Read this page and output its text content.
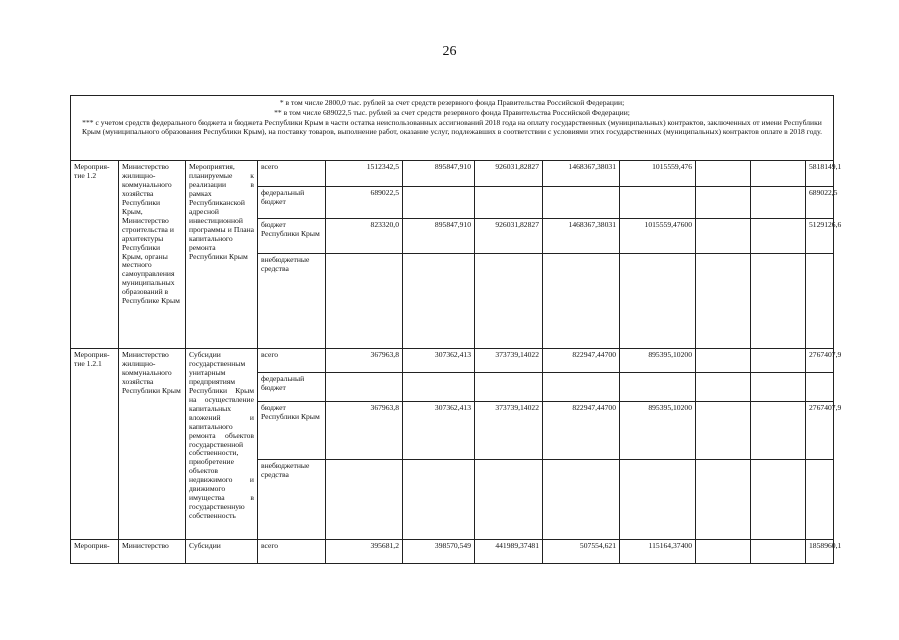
26
* в том числе 2800,0 тыс. рублей за счет средств резервного фонда Правительства Российской Федерации;
** в том числе 689022,5 тыс. рублей за счет средств резервного фонда Правительства Российской Федерации;
*** с учетом средств федерального бюджета и бюджета Республики Крым в части остатка неиспользованных ассигнований 2018 года на оплату государственных (муниципальных) контрактов, заключенных от имени Республики Крым (муниципального образования Республики Крым), на поставку товаров, выполнение работ, оказание услуг, подлежавших в соответствии с условиями этих государственных (муниципальных) контрактов оплате в 2018 году.											

Мероприя-тие 1.2	Министерство жилищно-коммунального хозяйства Республики Крым, Министерство строительства и архитектуры Республики Крым, органы местного самоуправления муниципальных образований в Республике Крым	Мероприятия, планируемые к реализации в рамках Республиканской адресной инвестиционной программы и Плана капитального ремонта Республики Крым	всего	1512342,5	895847,910	926031,82827	1468367,38031	1015559,476			5818149,1
			федеральный бюджет	689022,5							689022,5
			бюджет Республики Крым	823320,0	895847,910	926031,82827	1468367,38031	1015559,47600			5129126,6
			внебюджетные средства								
Мероприя-тие 1.2.1	Министерство жилищно-коммунального хозяйства Республики Крым	Субсидии государственным унитарным предприятиям Республики Крым на осуществление капитальных вложений и капитального ремонта объектов государственной собственности, приобретение объектов недвижимого и движимого имущества в государственную собственность	всего	367963,8	307362,413	373739,14022	822947,44700	895395,10200			2767407,9
			федеральный бюджет								
			бюджет Республики Крым	367963,8	307362,413	373739,14022	822947,44700	895395,10200			2767407,9
			внебюджетные средства								
Мероприя-	Министерство	Субсидии	всего	395681,2	398570,549	441989,37481	507554,621	115164,37400			1858960,1
